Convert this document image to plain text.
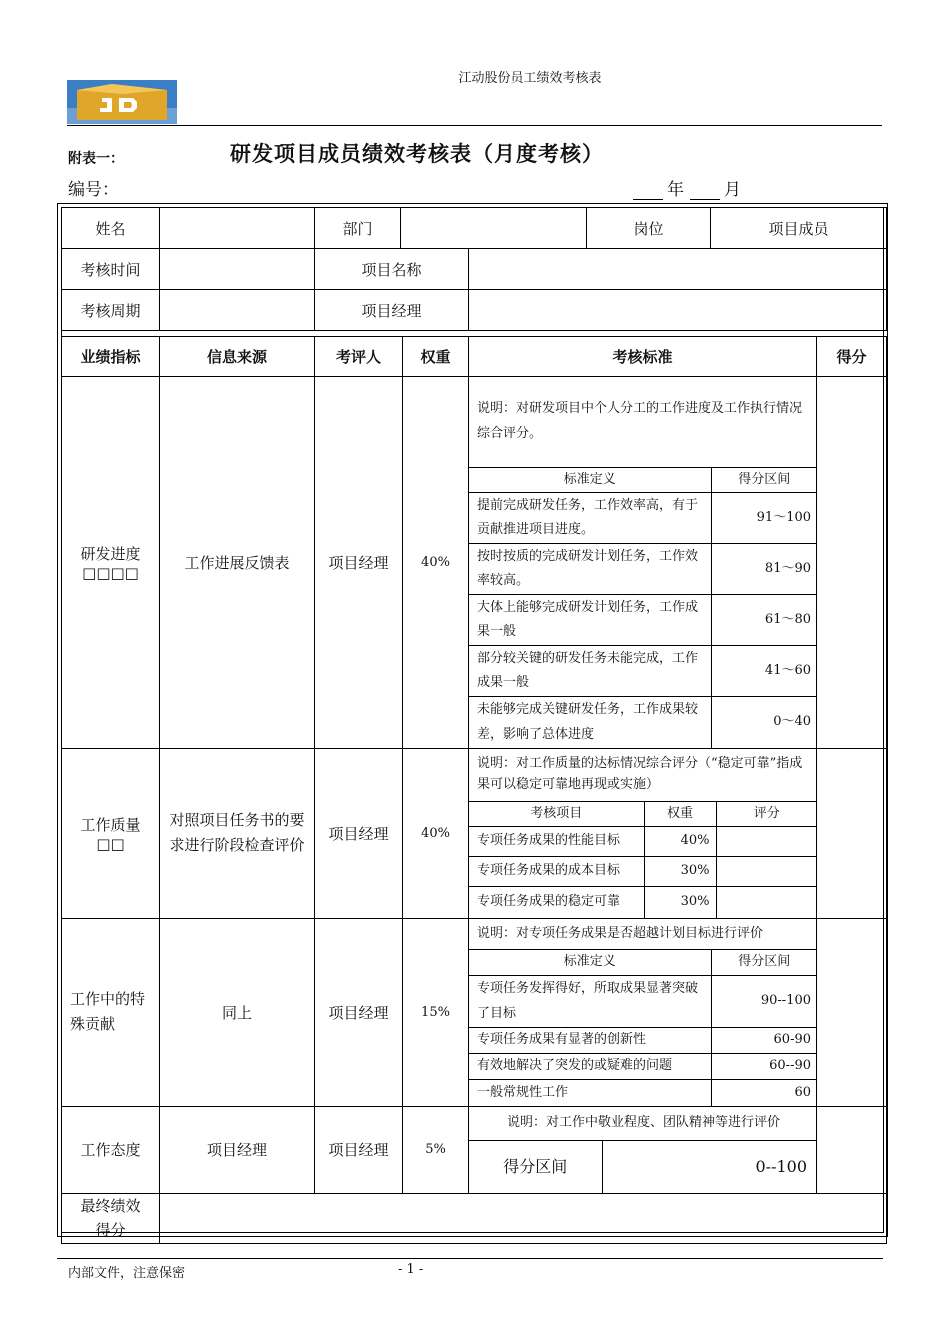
江动股份员工绩效考核表
附表一：	研发项目成员绩效考核表（月度考核）
编号：	年 月
姓名		部门			岗位	项目成员
考核时间		项目名称				
考核周期		项目经理				
业绩指标	信息来源	考评人	权重	考核标准	得分

研发进度
□□□□
	工作进展反馈表	项目经理	40%	
说明：对研发项目中个人分工的工作进度及工作执行情况综合评分。
标准定义	得分区间
提前完成研发任务，工作效率高，有于贡献推进项目进度。	91～100
按时按质的完成研发计划任务，工作效率较高。	81～90
大体上能够完成研发计划任务，工作成果一般	61～80
部分较关键的研发任务未能完成，工作成果一般	41～60
未能够完成关键研发任务，工作成果较差，影响了总体进度	0～40

工作质量
□□
	对照项目任务书的要求进行阶段检查评价	项目经理	40%	
说明：对工作质量的达标情况综合评分（“稳定可靠”指成果可以稳定可靠地再现或实施）
考核项目	权重	评分
专项任务成果的性能目标	40%	
专项任务成果的成本目标	30%	
专项任务成果的稳定可靠	30%	

工作中的特殊贡献	同上	项目经理	15%	
说明：对专项任务成果是否超越计划目标进行评价
标准定义	得分区间
专项任务发挥得好，所取成果显著突破了目标	90--100
专项任务成果有显著的创新性	60-90
有效地解决了突发的或疑难的问题	60--90
一般常规性工作	60

工作态度	项目经理	项目经理	5%	
说明：对工作中敬业程度、团队精神等进行评价
得分区间	0--100

最终绩效得分	
内部文件，注意保密	- 1 -
